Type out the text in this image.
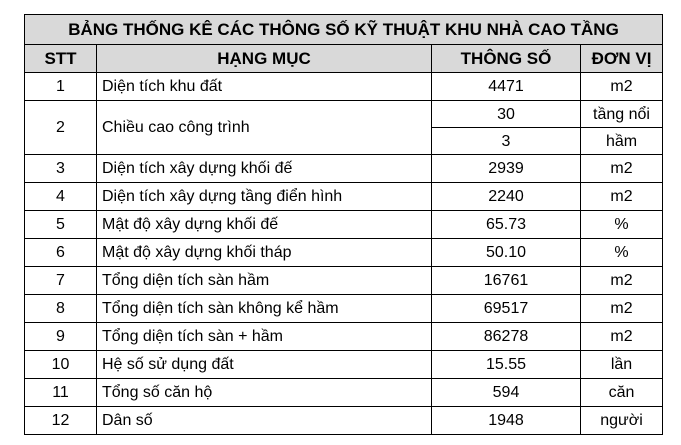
BẢNG THỐNG KÊ CÁC THÔNG SỐ KỸ THUẬT KHU NHÀ CAO TẦNG			
STT	HẠNG MỤC	THÔNG SỐ	ĐƠN VỊ
1	Diện tích khu đất	4471	m2
2	Chiều cao công trình	30	tầng nổi
		3	hầm
3	Diện tích xây dựng khối đế	2939	m2
4	Diện tích xây dựng tầng điển hình	2240	m2
5	Mật độ xây dựng khối đế	65.73	%
6	Mật độ xây dựng khối tháp	50.10	%
7	Tổng diện tích sàn hầm	16761	m2
8	Tổng diện tích sàn không kể hầm	69517	m2
9	Tổng diện tích sàn + hầm	86278	m2
10	Hệ số sử dụng đất	15.55	lần
11	Tổng số căn hộ	594	căn
12	Dân số	1948	người
